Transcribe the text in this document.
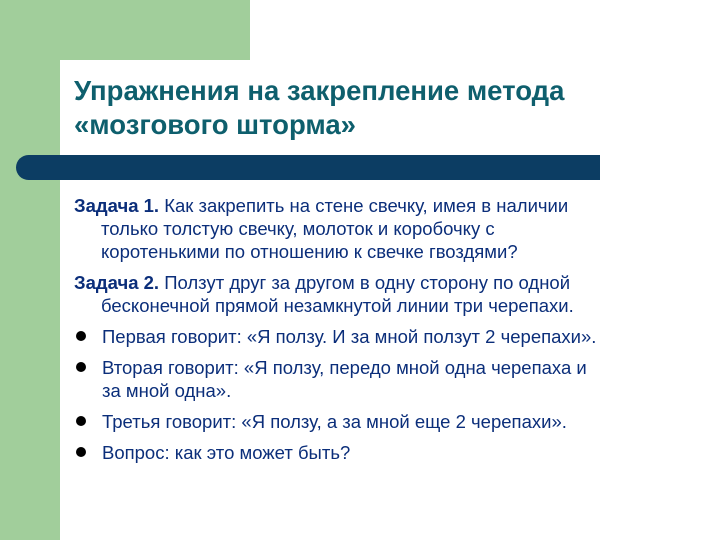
Упражнения на закрепление метода
«мозгового шторма»
Задача 1. Как закрепить на стене свечку, имея в наличии
только толстую свечку, молоток и коробочку с
коротенькими по отношению к свечке гвоздями?
Задача 2. Ползут друг за другом в одну сторону по одной
бесконечной прямой незамкнутой линии три черепахи.
Первая говорит: «Я ползу. И за мной ползут 2 черепахи».
Вторая говорит: «Я ползу, передо мной одна черепаха и
за мной одна».
Третья говорит: «Я ползу, а за мной еще 2 черепахи».
Вопрос: как это может быть?
